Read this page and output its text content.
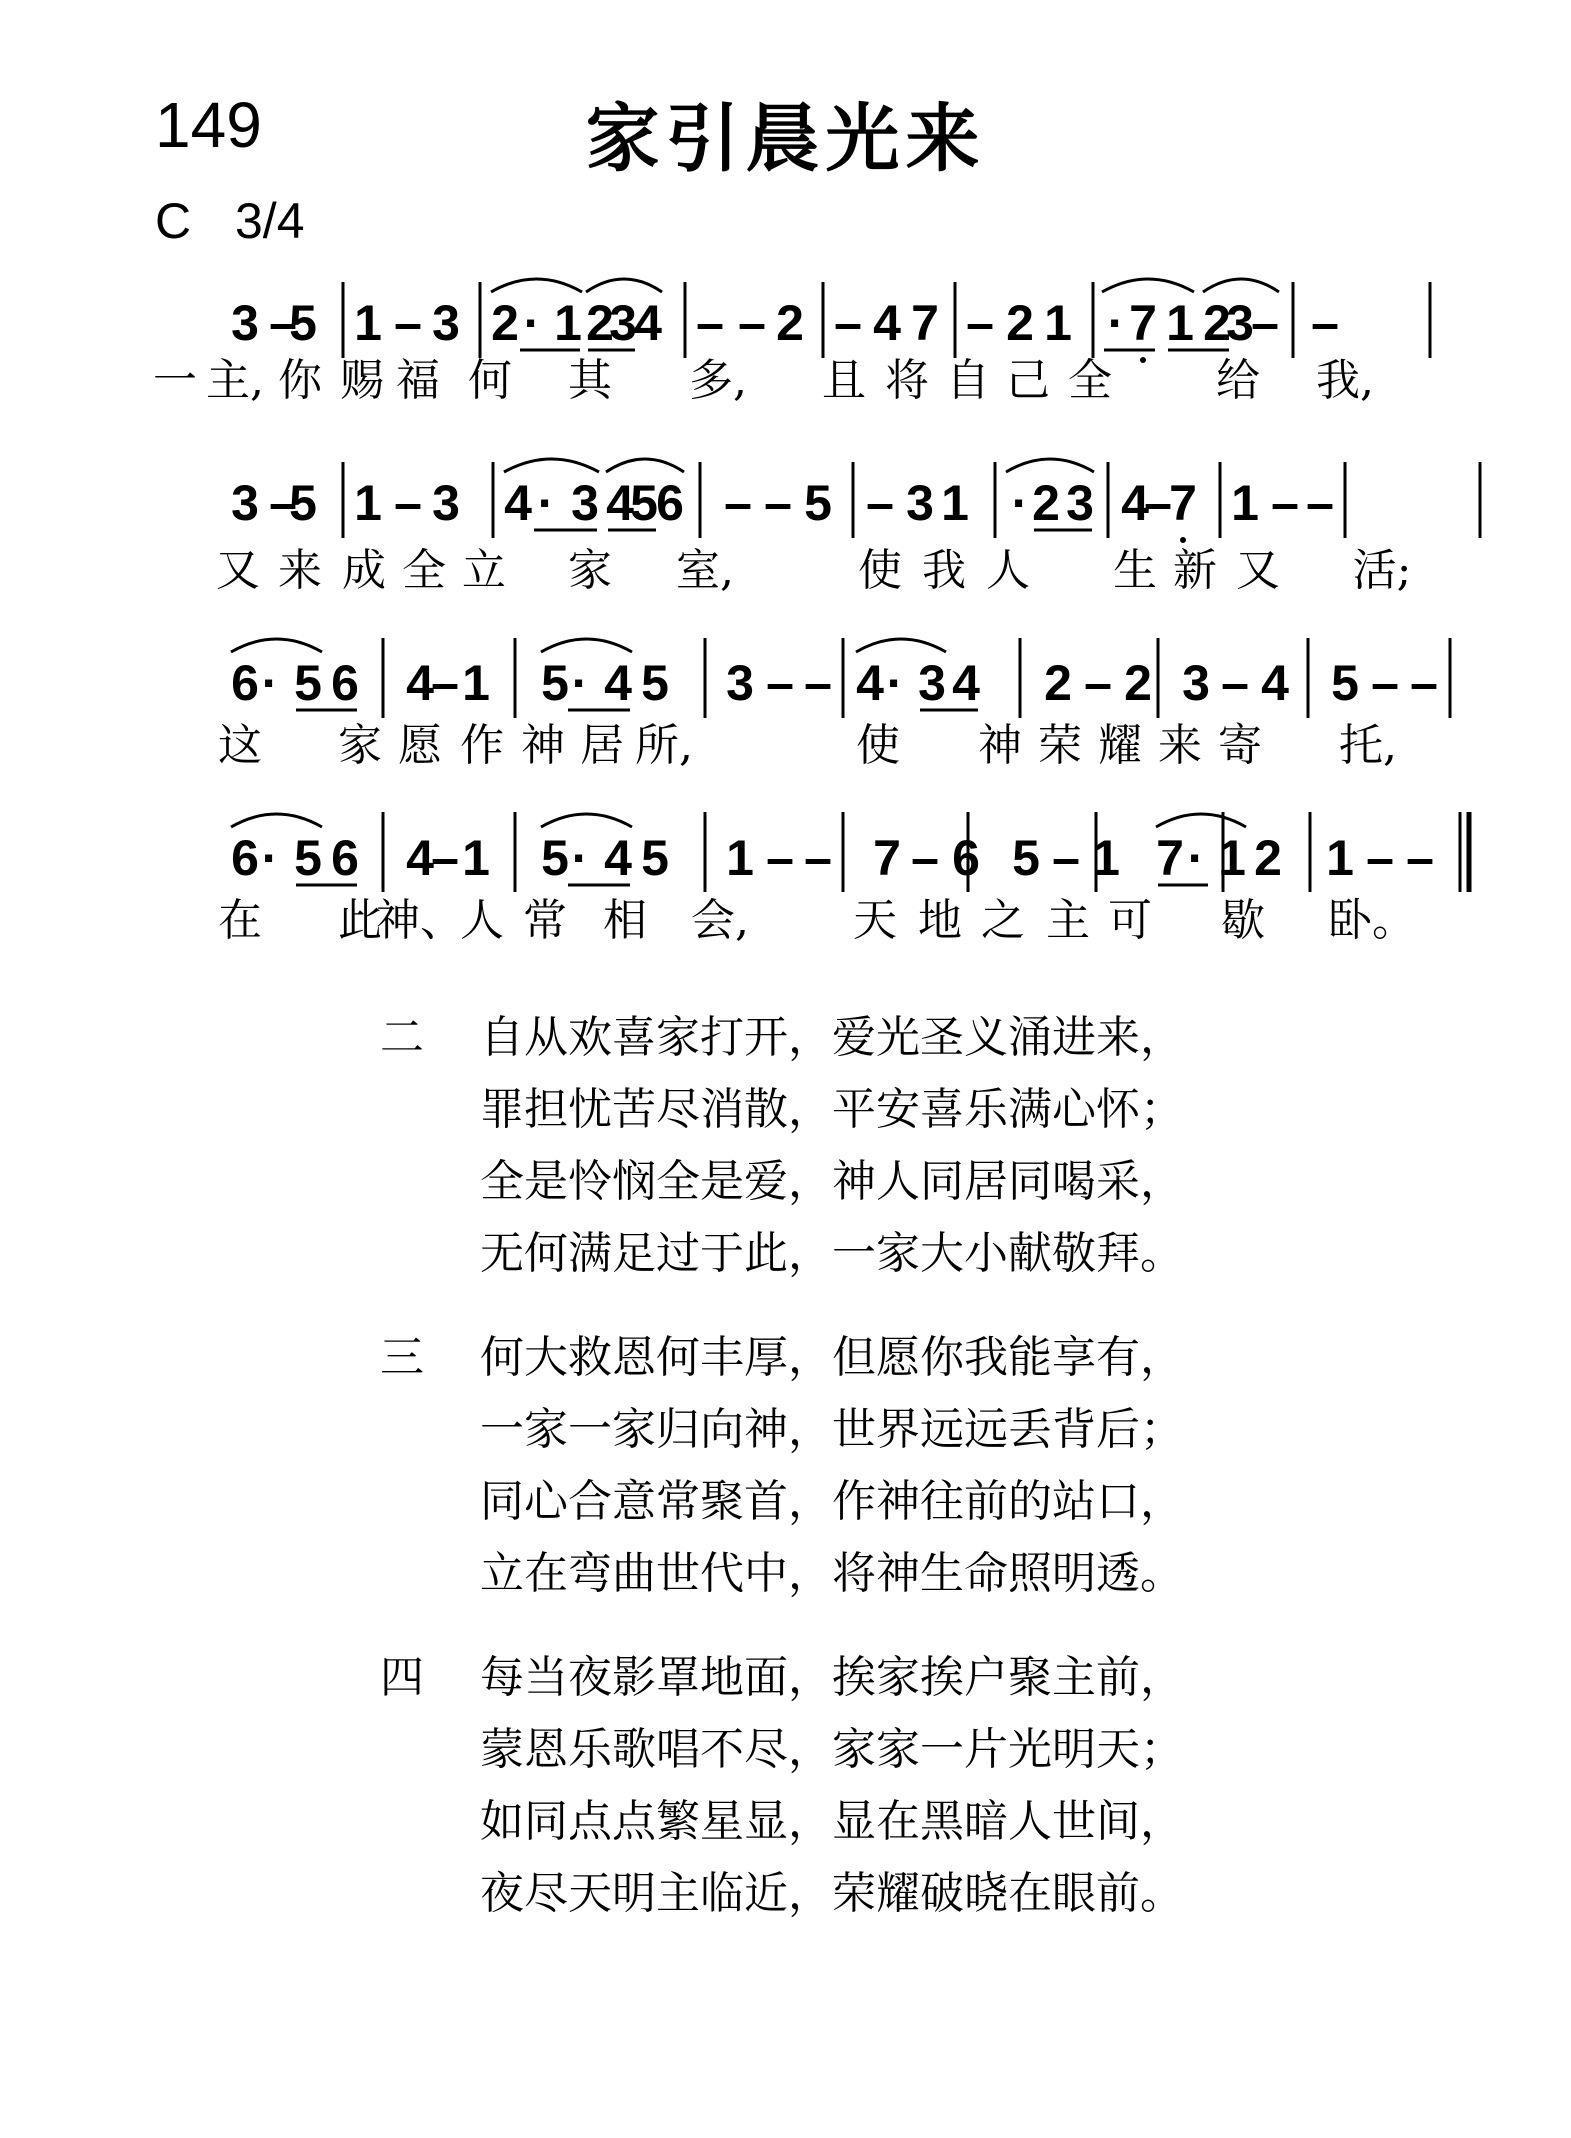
149	家引晨光来
C 3/4
3 –
5 1 – 3 2 · 1 2
3
4 – – 2 – 4 7 – 2 1 · 7 1 2
3
– –
一 主, 你 赐 福 何 其 多, 且 将 自 己 全 给 我,
3 –
5 1 – 3 4 · 3 4
5
6 – – 5 – 3 1 · 2 3 4
–
7 1 – –
又 来 成 全 立 家 室,	使 我 人 生 新 又 活;
6 · 5 6 4
– 1 5 · 4 5 3 – – 4 · 3 4 2 – 2 3 – 4 5 – –
这 家 愿 作 神 居 所,	使 神 荣 耀 来 寄 托,
6 · 5 6 4
– 1 5 · 4 5 1 – – 7 – 6 5 – 1 7 · 1 2 1 – –
在 此
神、
人 常 相 会, 天 地 之 主 可 歇 卧。
二 自从欢喜家打开，爱光圣义涌进来，
罪担忧苦尽消散，平安喜乐满心怀；
全是怜悯全是爱，神人同居同喝采，
无何满足过于此，一家大小献敬拜。
三 何大救恩何丰厚，但愿你我能享有，
一家一家归向神，世界远远丢背后；
同心合意常聚首，作神往前的站口，
立在弯曲世代中，将神生命照明透。
四 每当夜影罩地面，挨家挨户聚主前，
蒙恩乐歌唱不尽，家家一片光明天；
如同点点繁星显，显在黑暗人世间，
夜尽天明主临近，荣耀破晓在眼前。
